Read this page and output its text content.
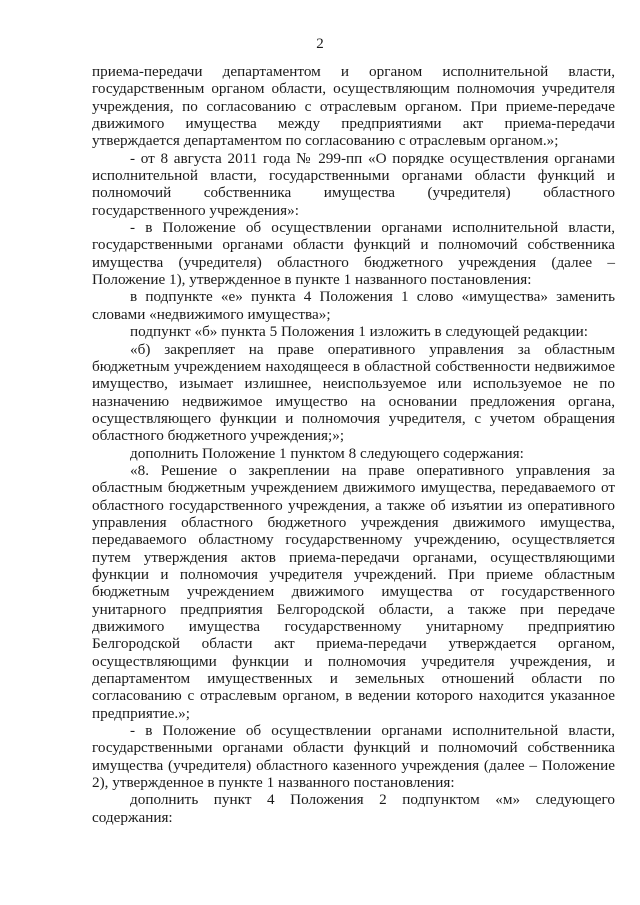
2

приема-передачи департаментом и органом исполнительной власти, государственным органом области, осуществляющим полномочия учредителя учреждения, по согласованию с отраслевым органом. При приеме-передаче движимого имущества между предприятиями акт приема-передачи утверждается департаментом по согласованию с отраслевым органом.»;

- от 8 августа 2011 года № 299-пп «О порядке осуществления органами исполнительной власти, государственными органами области функций и полномочий собственника имущества (учредителя) областного государственного учреждения»:

- в Положение об осуществлении органами исполнительной власти, государственными органами области функций и полномочий собственника имущества (учредителя) областного бюджетного учреждения (далее – Положение 1), утвержденное в пункте 1 названного постановления:

в подпункте «е» пункта 4 Положения 1 слово «имущества» заменить словами «недвижимого имущества»;

подпункт «б» пункта 5 Положения 1 изложить в следующей редакции:

«б) закрепляет на праве оперативного управления за областным бюджетным учреждением находящееся в областной собственности недвижимое имущество, изымает излишнее, неиспользуемое или используемое не по назначению недвижимое имущество на основании предложения органа, осуществляющего функции и полномочия учредителя, с учетом обращения областного бюджетного учреждения;»;

дополнить Положение 1 пунктом 8 следующего содержания:

«8. Решение о закреплении на праве оперативного управления за областным бюджетным учреждением движимого имущества, передаваемого от областного государственного учреждения, а также об изъятии из оперативного управления областного бюджетного учреждения движимого имущества, передаваемого областному государственному учреждению, осуществляется путем утверждения актов приема-передачи органами, осуществляющими функции и полномочия учредителя учреждений. При приеме областным бюджетным учреждением движимого имущества от государственного унитарного предприятия Белгородской области, а также при передаче движимого имущества государственному унитарному предприятию Белгородской области акт приема-передачи утверждается органом, осуществляющими функции и полномочия учредителя учреждения, и департаментом имущественных и земельных отношений области по согласованию с отраслевым органом, в ведении которого находится указанное предприятие.»;

- в Положение об осуществлении органами исполнительной власти, государственными органами области функций и полномочий собственника имущества (учредителя) областного казенного учреждения (далее – Положение 2), утвержденное в пункте 1 названного постановления:

дополнить пункт 4 Положения 2 подпунктом «м» следующего содержания:
